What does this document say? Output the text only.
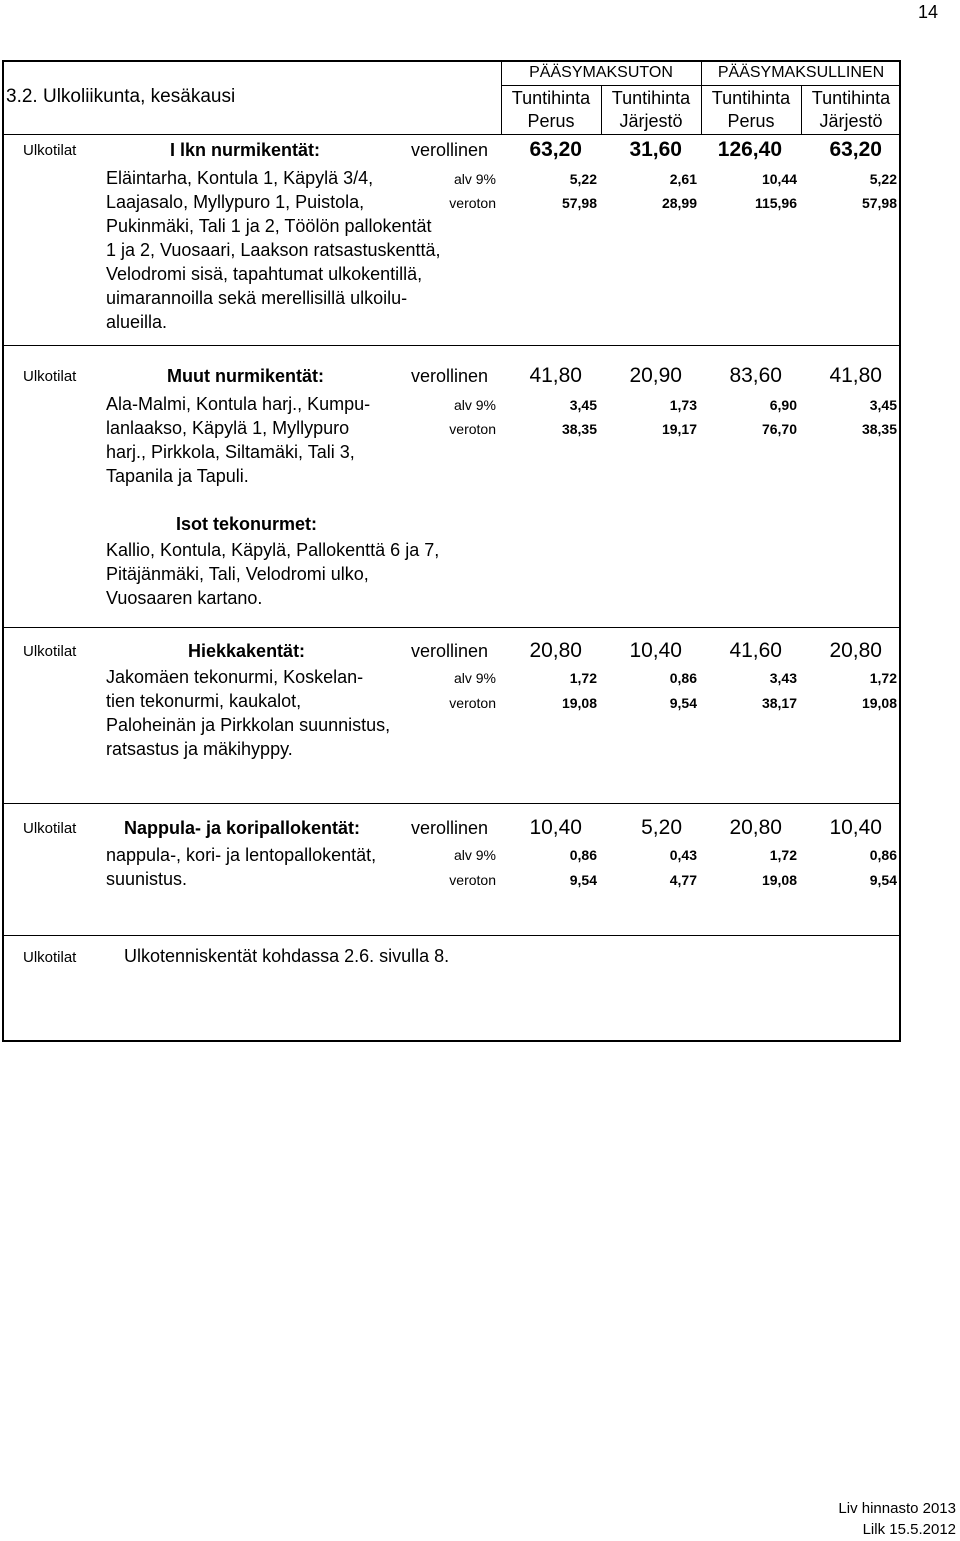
14
3.2. Ulkoliikunta, kesäkausi
PÄÄSYMAKSUTON	PÄÄSYMAKSULLINEN
Tuntihinta
Perus
Tuntihinta
Järjestö
Tuntihinta
Perus
Tuntihinta
Järjestö
Ulkotilat	I lkn nurmikentät:	verollinen	63,20	31,60	126,40	63,20
alv 9%	5,22	2,61	10,44	5,22
veroton	57,98	28,99	115,96	57,98
Eläintarha, Kontula 1, Käpylä 3/4,
Laajasalo, Myllypuro 1, Puistola,
Pukinmäki, Tali 1 ja 2, Töölön pallokentät
1 ja 2, Vuosaari, Laakson ratsastuskenttä,
Velodromi sisä, tapahtumat ulkokentillä,
uimarannoilla sekä merellisillä ulkoilu-
alueilla.
Ulkotilat	Muut nurmikentät:	verollinen	41,80	20,90	83,60	41,80
alv 9%	3,45	1,73	6,90	3,45
veroton	38,35	19,17	76,70	38,35
Ala-Malmi, Kontula harj., Kumpu-
lanlaakso, Käpylä 1, Myllypuro
harj., Pirkkola, Siltamäki, Tali 3,
Tapanila ja Tapuli.
Isot tekonurmet:
Kallio, Kontula, Käpylä, Pallokenttä 6 ja 7,
Pitäjänmäki, Tali, Velodromi ulko,
Vuosaaren kartano.
Ulkotilat	Hiekkakentät:	verollinen	20,80	10,40	41,60	20,80
alv 9%	1,72	0,86	3,43	1,72
veroton	19,08	9,54	38,17	19,08
Jakomäen tekonurmi, Koskelan-
tien tekonurmi, kaukalot,
Paloheinän ja Pirkkolan suunnistus,
ratsastus ja mäkihyppy.
Ulkotilat	Nappula- ja koripallokentät:	verollinen	10,40	5,20	20,80	10,40
alv 9%	0,86	0,43	1,72	0,86
veroton	9,54	4,77	19,08	9,54
nappula-, kori- ja lentopallokentät,
suunistus.
Ulkotilat	Ulkotenniskentät kohdassa 2.6. sivulla 8.
Liv hinnasto 2013
Lilk 15.5.2012
